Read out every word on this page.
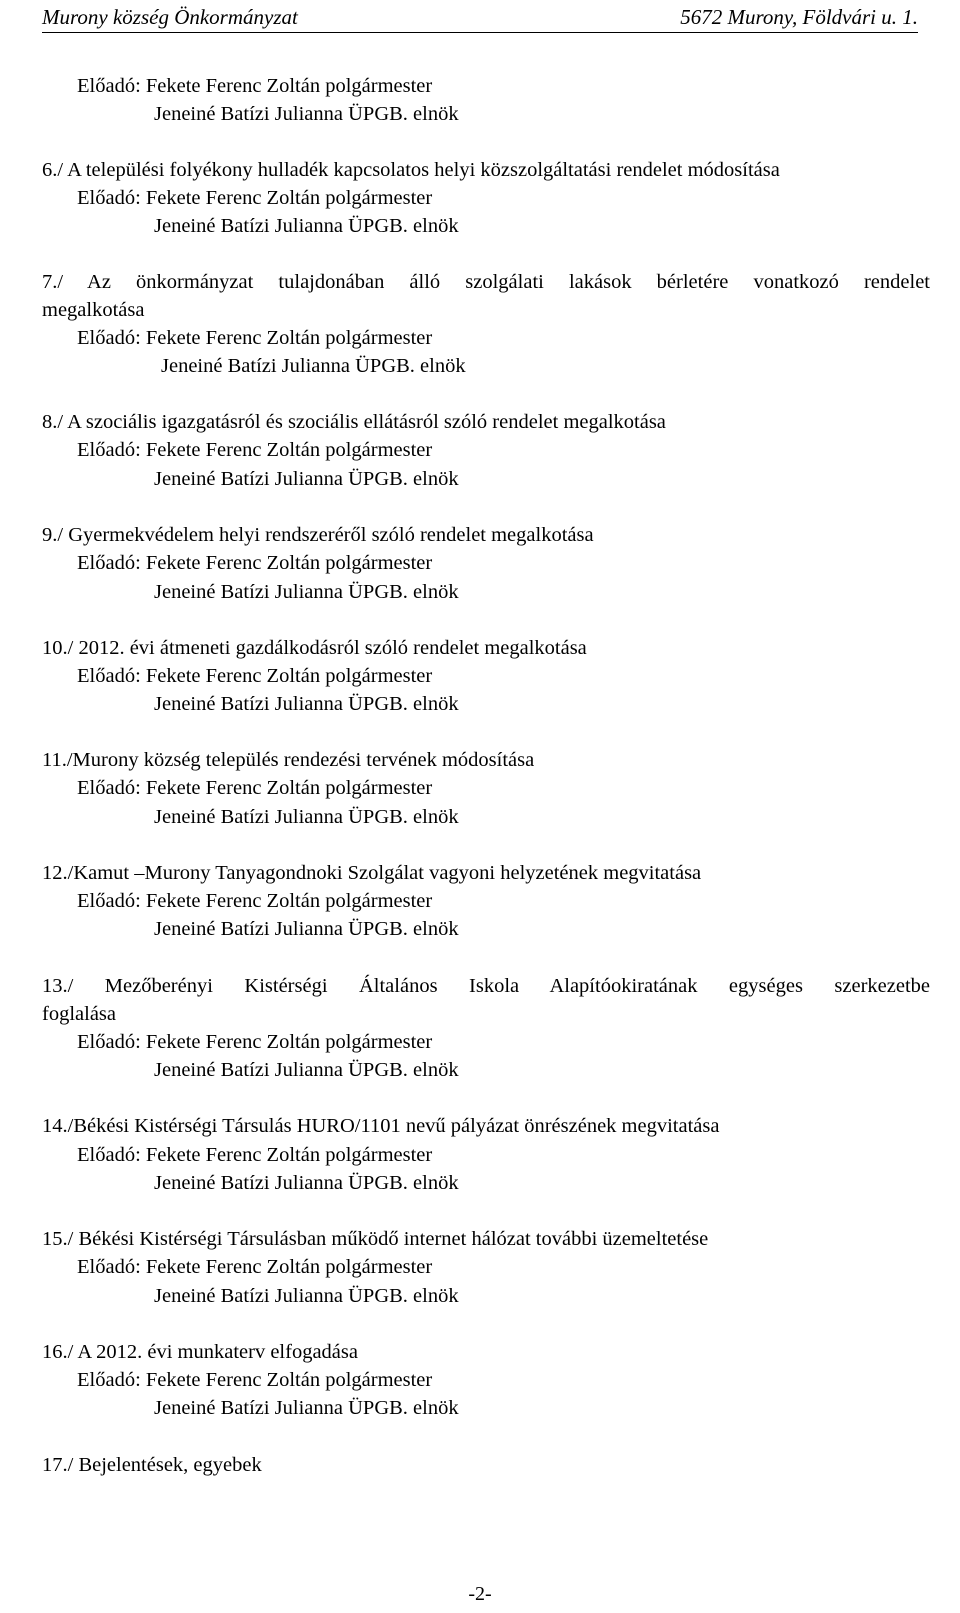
Murony község Önkormányzat	5672 Murony, Földvári u. 1.
Előadó: Fekete Ferenc Zoltán polgármester
Jeneiné Batízi Julianna ÜPGB. elnök
6./ A települési folyékony hulladék kapcsolatos helyi közszolgáltatási rendelet módosítása
Előadó: Fekete Ferenc Zoltán polgármester
Jeneiné Batízi Julianna ÜPGB. elnök
7./ Az önkormányzat tulajdonában álló szolgálati lakások bérletére vonatkozó rendelet
megalkotása
Előadó: Fekete Ferenc Zoltán polgármester
Jeneiné Batízi Julianna ÜPGB. elnök
8./ A szociális igazgatásról és szociális ellátásról szóló rendelet megalkotása
Előadó: Fekete Ferenc Zoltán polgármester
Jeneiné Batízi Julianna ÜPGB. elnök
9./ Gyermekvédelem helyi rendszeréről szóló rendelet megalkotása
Előadó: Fekete Ferenc Zoltán polgármester
Jeneiné Batízi Julianna ÜPGB. elnök
10./ 2012. évi átmeneti gazdálkodásról szóló rendelet megalkotása
Előadó: Fekete Ferenc Zoltán polgármester
Jeneiné Batízi Julianna ÜPGB. elnök
11./Murony község település rendezési tervének módosítása
Előadó: Fekete Ferenc Zoltán polgármester
Jeneiné Batízi Julianna ÜPGB. elnök
12./Kamut –Murony Tanyagondnoki Szolgálat vagyoni helyzetének megvitatása
Előadó: Fekete Ferenc Zoltán polgármester
Jeneiné Batízi Julianna ÜPGB. elnök
13./ Mezőberényi Kistérségi Általános Iskola Alapítóokiratának egységes szerkezetbe
foglalása
Előadó: Fekete Ferenc Zoltán polgármester
Jeneiné Batízi Julianna ÜPGB. elnök
14./Békési Kistérségi Társulás HURO/1101 nevű pályázat önrészének megvitatása
Előadó: Fekete Ferenc Zoltán polgármester
Jeneiné Batízi Julianna ÜPGB. elnök
15./ Békési Kistérségi Társulásban működő internet hálózat további üzemeltetése
Előadó: Fekete Ferenc Zoltán polgármester
Jeneiné Batízi Julianna ÜPGB. elnök
16./ A 2012. évi munkaterv elfogadása
Előadó: Fekete Ferenc Zoltán polgármester
Jeneiné Batízi Julianna ÜPGB. elnök
17./ Bejelentések, egyebek
-2-
